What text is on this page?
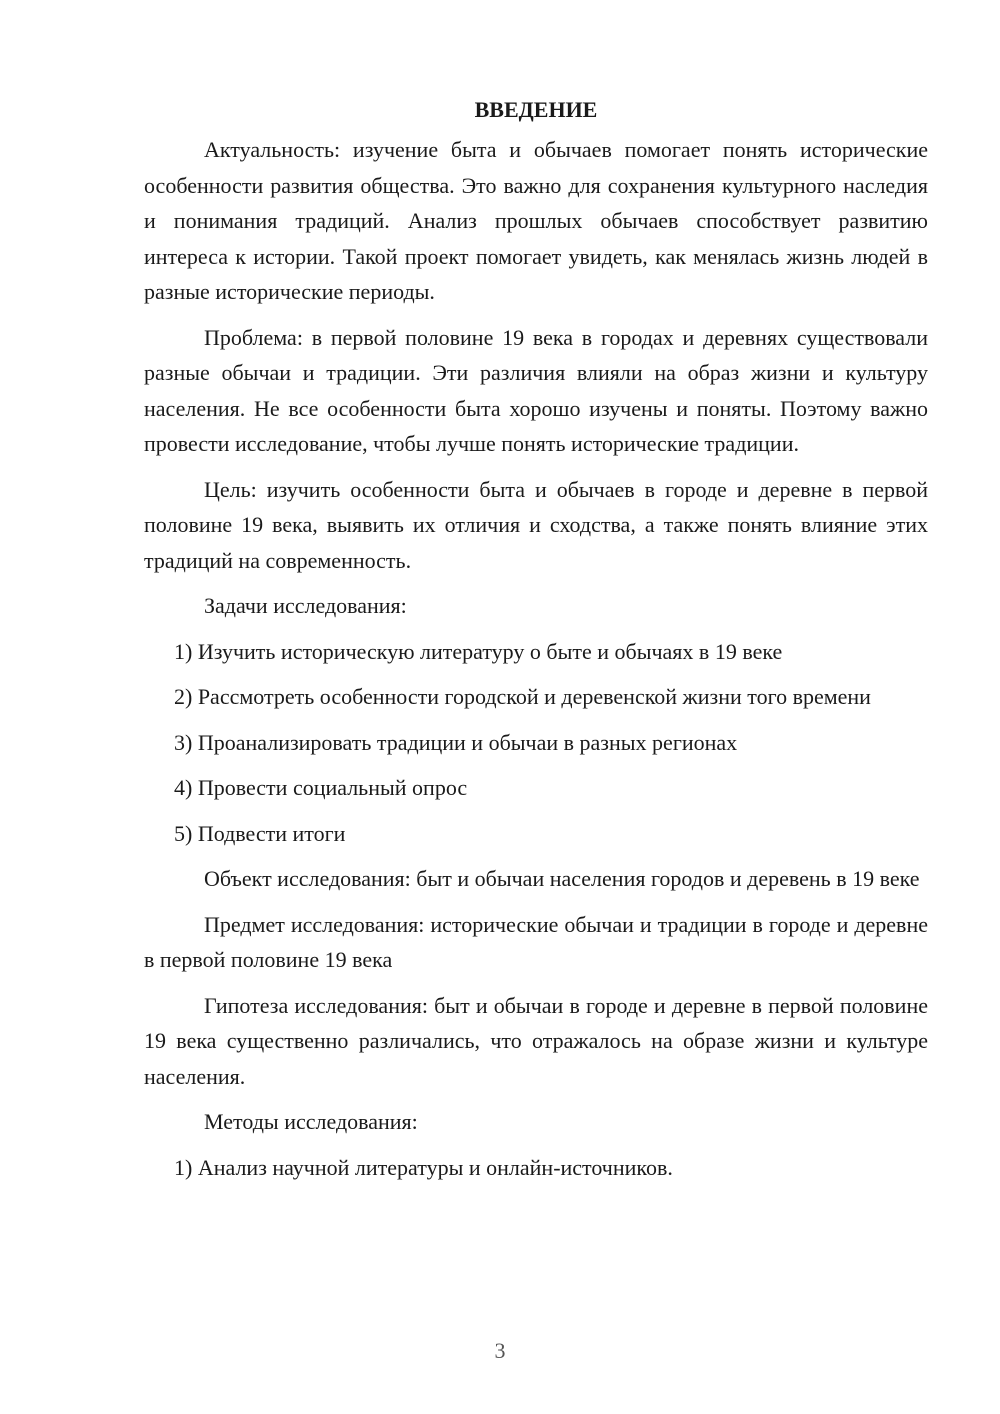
ВВЕДЕНИЕ

Актуальность: изучение быта и обычаев помогает понять исторические особенности развития общества. Это важно для сохранения культурного наследия и понимания традиций. Анализ прошлых обычаев способствует развитию интереса к истории. Такой проект помогает увидеть, как менялась жизнь людей в разные исторические периоды.

Проблема: в первой половине 19 века в городах и деревнях существовали разные обычаи и традиции. Эти различия влияли на образ жизни и культуру населения. Не все особенности быта хорошо изучены и поняты. Поэтому важно провести исследование, чтобы лучше понять исторические традиции.

Цель: изучить особенности быта и обычаев в городе и деревне в первой половине 19 века, выявить их отличия и сходства, а также понять влияние этих традиций на современность.

Задачи исследования:

1) Изучить историческую литературу о быте и обычаях в 19 веке

2) Рассмотреть особенности городской и деревенской жизни того времени

3) Проанализировать традиции и обычаи в разных регионах

4) Провести социальный опрос

5) Подвести итоги

Объект исследования: быт и обычаи населения городов и деревень в 19 веке

Предмет исследования: исторические обычаи и традиции в городе и деревне в первой половине 19 века

Гипотеза исследования: быт и обычаи в городе и деревне в первой половине 19 века существенно различались, что отражалось на образе жизни и культуре населения.

Методы исследования:

1) Анализ научной литературы и онлайн-источников.

3
